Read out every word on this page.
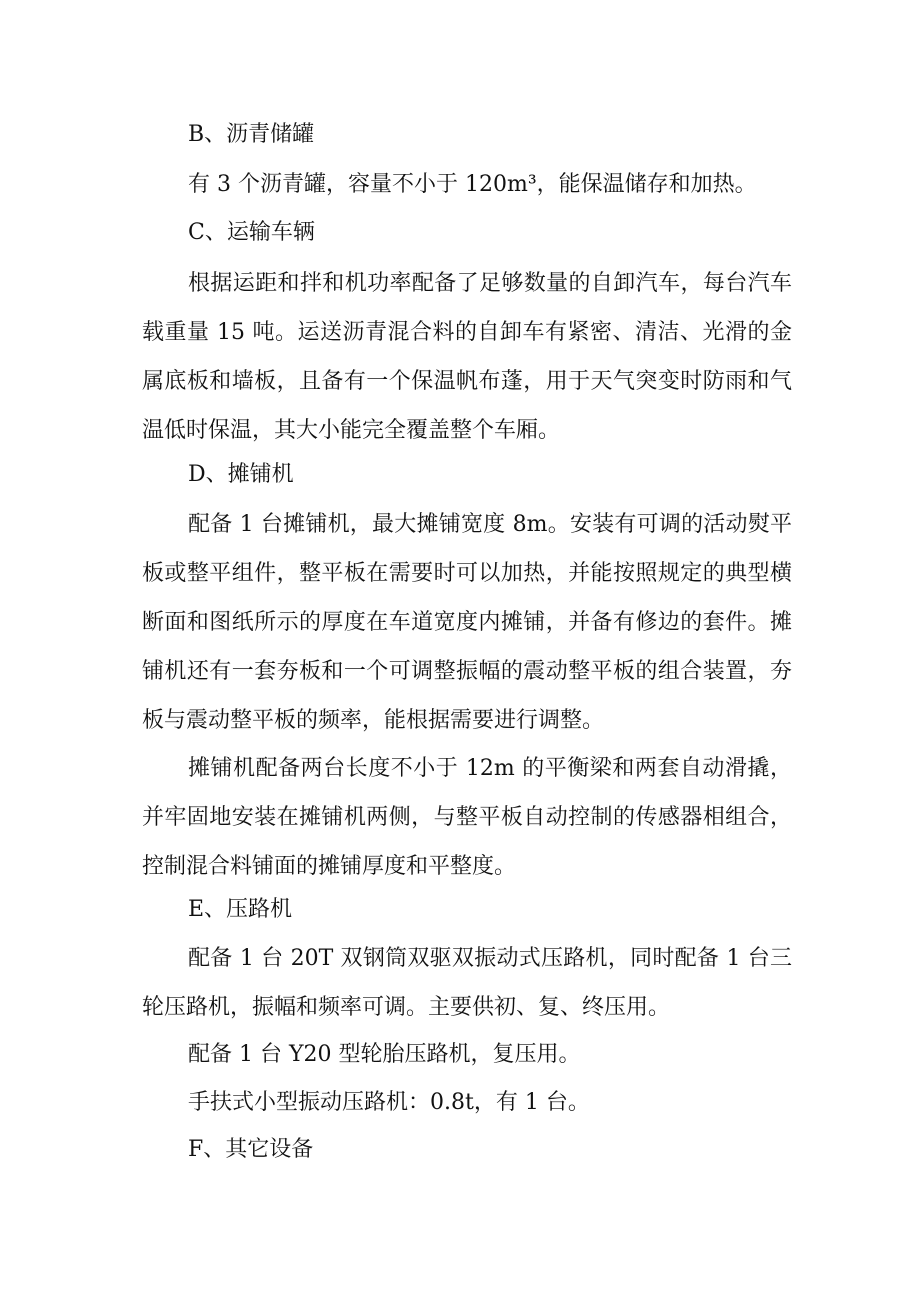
B、沥青储罐

有 3 个沥青罐，容量不小于 120m³，能保温储存和加热。

C、运输车辆

根据运距和拌和机功率配备了足够数量的自卸汽车，每台汽车载重量 15 吨。运送沥青混合料的自卸车有紧密、清洁、光滑的金属底板和墙板，且备有一个保温帆布蓬，用于天气突变时防雨和气温低时保温，其大小能完全覆盖整个车厢。

D、摊铺机

配备 1 台摊铺机，最大摊铺宽度 8m。安装有可调的活动熨平板或整平组件，整平板在需要时可以加热，并能按照规定的典型横断面和图纸所示的厚度在车道宽度内摊铺，并备有修边的套件。摊铺机还有一套夯板和一个可调整振幅的震动整平板的组合装置，夯板与震动整平板的频率，能根据需要进行调整。

摊铺机配备两台长度不小于 12m 的平衡梁和两套自动滑撬，并牢固地安装在摊铺机两侧，与整平板自动控制的传感器相组合，控制混合料铺面的摊铺厚度和平整度。

E、压路机

配备 1 台 20T 双钢筒双驱双振动式压路机，同时配备 1 台三轮压路机，振幅和频率可调。主要供初、复、终压用。

配备 1 台 Y20 型轮胎压路机，复压用。

手扶式小型振动压路机：0.8t，有 1 台。

F、其它设备
